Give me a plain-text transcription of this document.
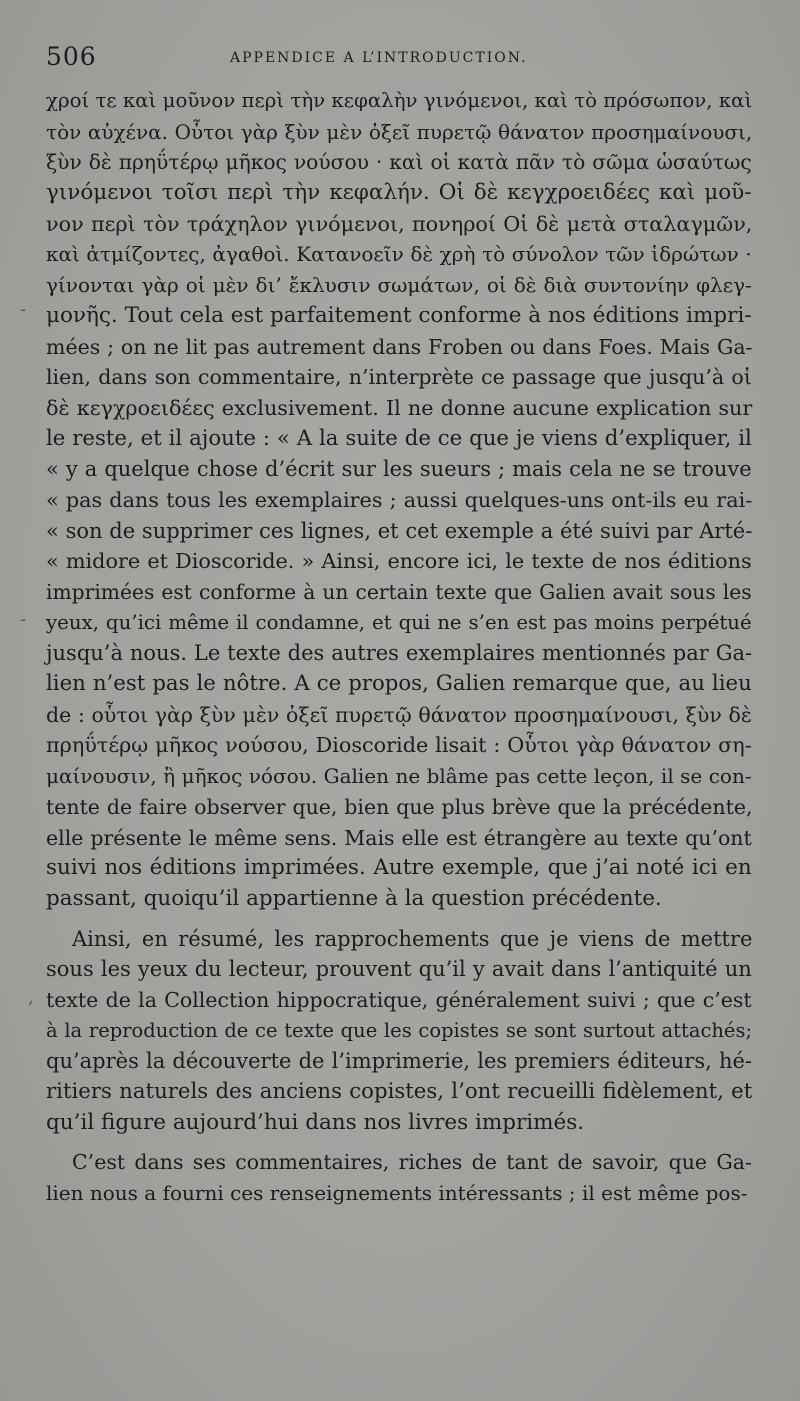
506	APPENDICE A L’INTRODUCTION.
-
-
,
χροί τε καὶ μοῦνον περὶ τὴν κεφαλὴν γινόμενοι, καὶ τὸ πρόσωπον, καὶ
τὸν αὐχένα. Οὗτοι γὰρ ξὺν μὲν ὀξεῖ πυρετῷ θάνατον προσημαίνουσι,
ξὺν δὲ πρηΰτέρῳ μῆκος νούσου · καὶ οἱ κατὰ πᾶν τὸ σῶμα ὡσαύτως
γινόμενοι τοῖσι περὶ τὴν κεφαλήν. Οἱ δὲ κεγχροειδέες καὶ μοῦ-
νον περὶ τὸν τράχηλον γινόμενοι, πονηροί Οἱ δὲ μετὰ σταλαγμῶν,
καὶ ἀτμίζοντες, ἀγαθοὶ. Κατανοεῖν δὲ χρὴ τὸ σύνολον τῶν ἱδρώτων ·
γίνονται γὰρ οἱ μὲν δι’ ἔκλυσιν σωμάτων, οἱ δὲ διὰ συντονίην φλεγ-
μονῆς. Tout cela est parfaitement conforme à nos éditions impri-
mées ; on ne lit pas autrement dans Froben ou dans Foes. Mais Ga-
lien, dans son commentaire, n’interprète ce passage que jusqu’à οἱ
δὲ κεγχροειδέες exclusivement. Il ne donne aucune explication sur
le reste, et il ajoute : « A la suite de ce que je viens d’expliquer, il
« y a quelque chose d’écrit sur les sueurs ; mais cela ne se trouve
« pas dans tous les exemplaires ; aussi quelques-uns ont-ils eu rai-
« son de supprimer ces lignes, et cet exemple a été suivi par Arté-
« midore et Dioscoride. » Ainsi, encore ici, le texte de nos éditions
imprimées est conforme à un certain texte que Galien avait sous les
yeux, qu’ici même il condamne, et qui ne s’en est pas moins perpétué
jusqu’à nous. Le texte des autres exemplaires mentionnés par Ga-
lien n’est pas le nôtre. A ce propos, Galien remarque que, au lieu
de : οὗτοι γὰρ ξὺν μὲν ὀξεῖ πυρετῷ θάνατον προσημαίνουσι, ξὺν δὲ
πρηΰτέρῳ μῆκος νούσου, Dioscoride lisait : Οὗτοι γὰρ θάνατον ση-
μαίνουσιν, ἢ μῆκος νόσου. Galien ne blâme pas cette leçon, il se con-
tente de faire observer que, bien que plus brève que la précédente,
elle présente le même sens. Mais elle est étrangère au texte qu’ont
suivi nos éditions imprimées. Autre exemple, que j’ai noté ici en
passant, quoiqu’il appartienne à la question précédente.
Ainsi, en résumé, les rapprochements que je viens de mettre
sous les yeux du lecteur, prouvent qu’il y avait dans l’antiquité un
texte de la Collection hippocratique, généralement suivi ; que c’est
à la reproduction de ce texte que les copistes se sont surtout attachés;
qu’après la découverte de l’imprimerie, les premiers éditeurs, hé-
ritiers naturels des anciens copistes, l’ont recueilli fidèlement, et
qu’il figure aujourd’hui dans nos livres imprimés.
C’est dans ses commentaires, riches de tant de savoir, que Ga-
lien nous a fourni ces renseignements intéressants ; il est même pos-
